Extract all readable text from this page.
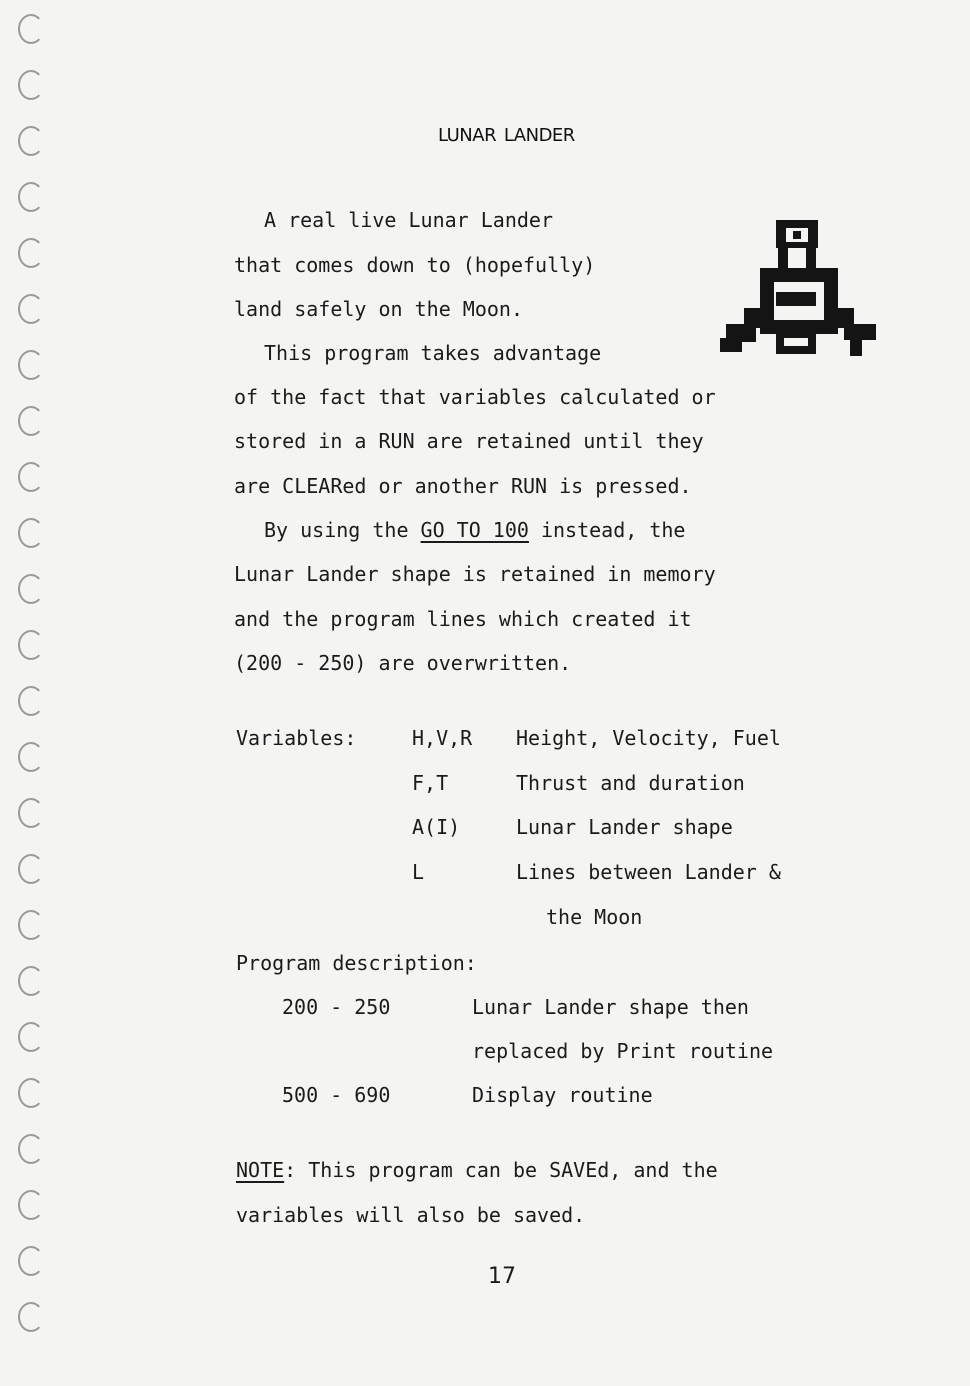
lunar lander

A real live Lunar Lander

that comes down to (hopefully)

land safely on the Moon.

This program takes advantage

of the fact that variables calculated or

stored in a RUN are retained until they

are CLEARed or another RUN is pressed.

By using the GO TO 100 instead, the

Lunar Lander shape is retained in memory

and the program lines which created it

(200 - 250) are overwritten.

Variables:	H,V,R Height, Velocity, Fuel

F,T	Thrust and duration

A(I)	Lunar Lander shape

L	Lines between Lander &

the Moon

Program description:

200 - 250	Lunar Lander shape then

replaced by Print routine

500 - 690	Display routine

NOTE: This program can be SAVEd, and the

variables will also be saved.

17
